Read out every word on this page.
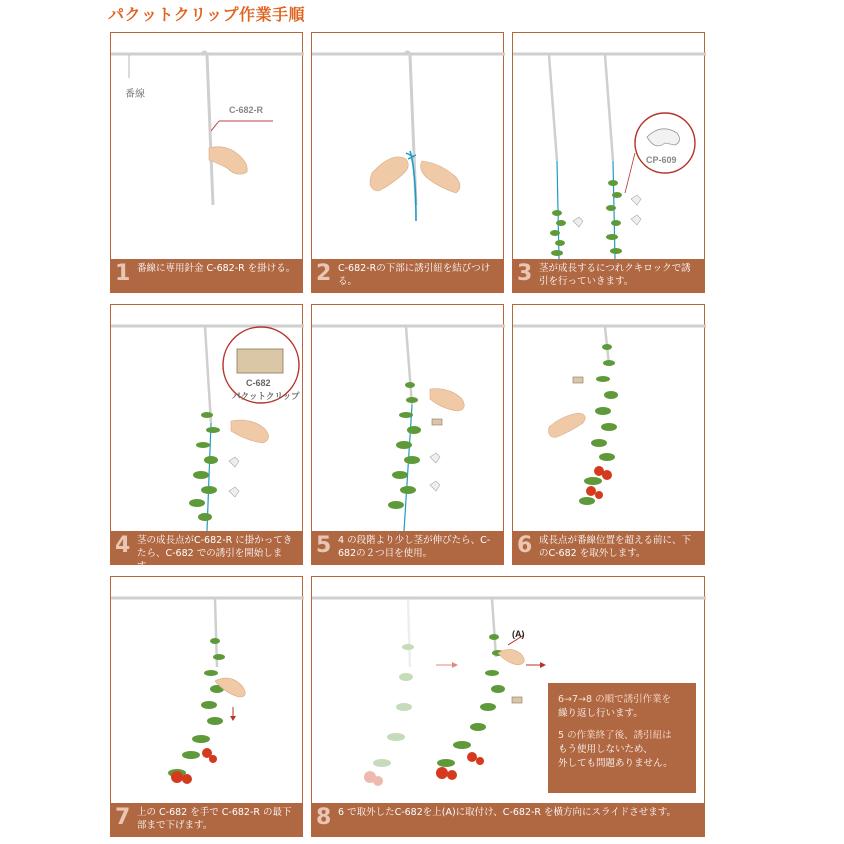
パクットクリップ作業手順
番線
C-682-R
1 番線に専用針金 C-682-R を掛ける。 2 C-682-Rの下部に誘引紐を結びつける。
CP-609
3 茎が成長するにつれクキロックで誘引を行っていきます。
C-682
パクットクリップ
4 茎の成長点がC-682-R に掛かってきたら、C-682 での誘引を開始します。
5 4 の段階より少し茎が伸びたら、C-682の２つ目を使用。	6 成長点が番線位置を超える前に、下のC-682 を取外します。
7 上の C-682 を手で C-682-R の最下部まで下げます。
(A)
6→7→8 の順で誘引作業を
繰り返し行います。
5 の作業終了後、誘引紐は
もう使用しないため、
外しても問題ありません。
8 6 で取外したC-682を上(A)に取付け、C-682-R を横方向にスライドさせます。
